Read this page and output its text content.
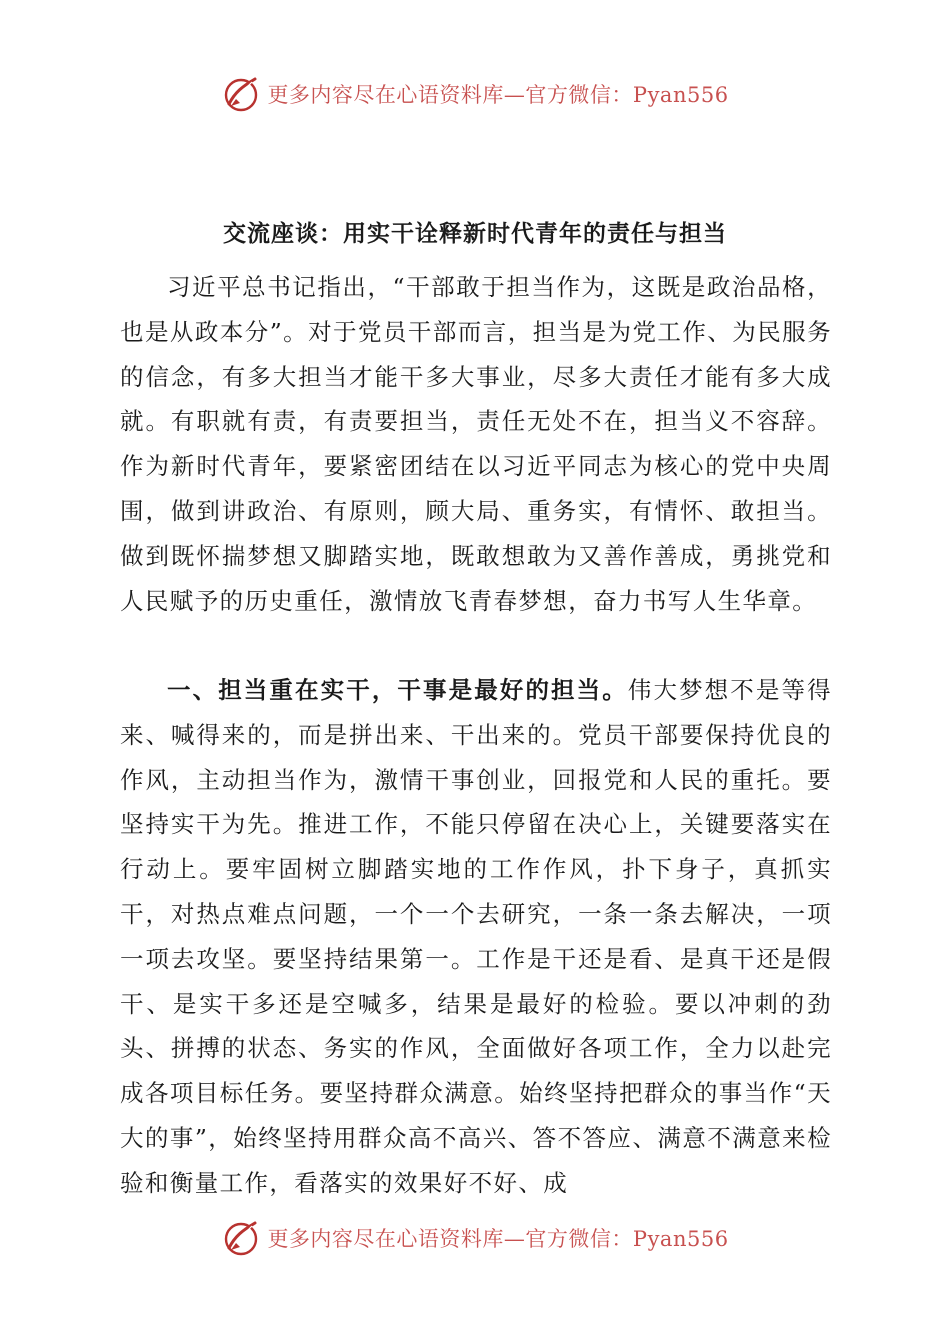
更多内容尽在心语资料库—官方微信：Pyan556
交流座谈：用实干诠释新时代青年的责任与担当

习近平总书记指出，“干部敢于担当作为，这既是政治品格，也是从政本分”。对于党员干部而言，担当是为党工作、为民服务的信念，有多大担当才能干多大事业，尽多大责任才能有多大成就。有职就有责，有责要担当，责任无处不在，担当义不容辞。作为新时代青年，要紧密团结在以习近平同志为核心的党中央周围，做到讲政治、有原则，顾大局、重务实，有情怀、敢担当。做到既怀揣梦想又脚踏实地，既敢想敢为又善作善成，勇挑党和人民赋予的历史重任，激情放飞青春梦想，奋力书写人生华章。

一、担当重在实干，干事是最好的担当。伟大梦想不是等得来、喊得来的，而是拼出来、干出来的。党员干部要保持优良的作风，主动担当作为，激情干事创业，回报党和人民的重托。要坚持实干为先。推进工作，不能只停留在决心上，关键要落实在行动上。要牢固树立脚踏实地的工作作风，扑下身子，真抓实干，对热点难点问题，一个一个去研究，一条一条去解决，一项一项去攻坚。要坚持结果第一。工作是干还是看、是真干还是假干、是实干多还是空喊多，结果是最好的检验。要以冲刺的劲头、拼搏的状态、务实的作风，全面做好各项工作，全力以赴完成各项目标任务。要坚持群众满意。始终坚持把群众的事当作“天大的事”，始终坚持用群众高不高兴、答不答应、满意不满意来检验和衡量工作，看落实的效果好不好、成

更多内容尽在心语资料库—官方微信：Pyan556
